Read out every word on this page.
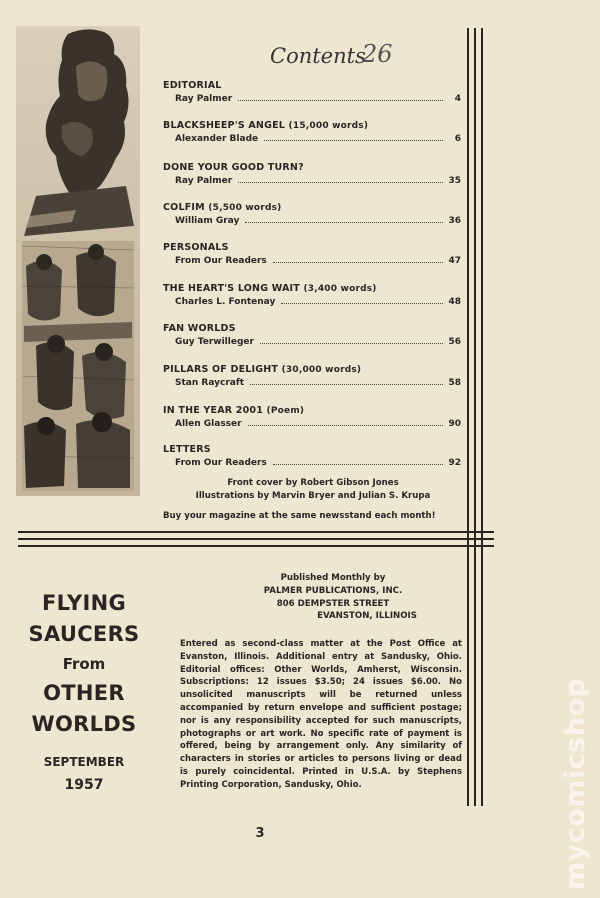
Contents
26
EDITORIAL
Ray Palmer	4
BLACKSHEEP'S ANGEL (15,000 words)
Alexander Blade	6
DONE YOUR GOOD TURN?
Ray Palmer	35
COLFIM (5,500 words)
William Gray	36
PERSONALS
From Our Readers	47
THE HEART'S LONG WAIT (3,400 words)
Charles L. Fontenay	48
FAN WORLDS
Guy Terwilleger	56
PILLARS OF DELIGHT (30,000 words)
Stan Raycraft	58
IN THE YEAR 2001 (Poem)
Allen Glasser	90
LETTERS
From Our Readers	92
Front cover by Robert Gibson Jones
Illustrations by Marvin Bryer and Julian S. Krupa
Buy your magazine at the same newsstand each month!
FLYING
SAUCERS
From
OTHER
WORLDS
SEPTEMBER
1957
Published Monthly by
PALMER PUBLICATIONS, INC.
806 DEMPSTER STREET
EVANSTON, ILLINOIS
Entered as second-class matter at the Post Office at Evanston, Illinois. Additional entry at Sandusky, Ohio. Editorial offices: Other Worlds, Amherst, Wisconsin. Subscriptions: 12 issues $3.50; 24 issues $6.00. No unsolicited manuscripts will be returned unless accompanied by return envelope and sufficient postage; nor is any responsibility accepted for such manuscripts, photographs or art work. No specific rate of payment is offered, being by arrangement only. Any similarity of characters in stories or articles to persons living or dead is purely coincidental. Printed in U.S.A. by Stephens Printing Corporation, Sandusky, Ohio.
3	mycomicshop
